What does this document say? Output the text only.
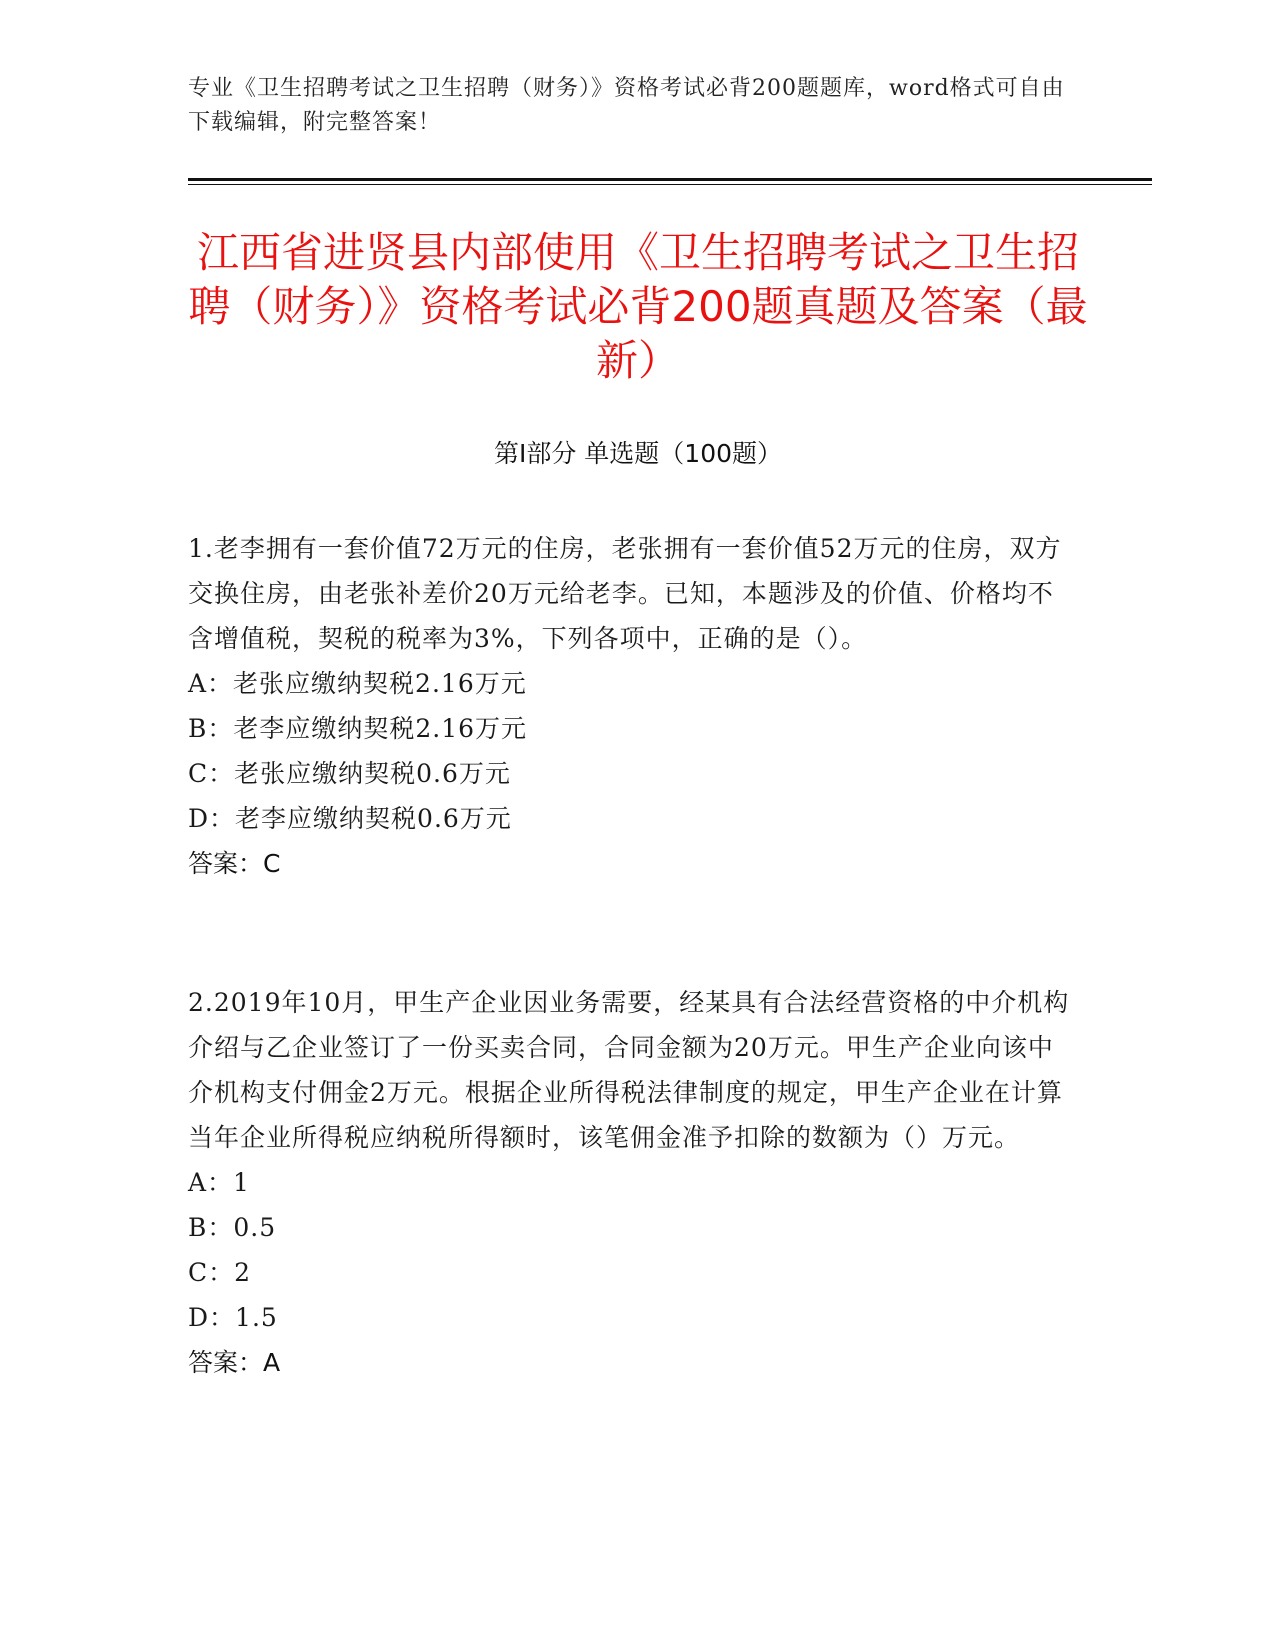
专业《卫生招聘考试之卫生招聘（财务）》资格考试必背200题题库，word格式可自由下载编辑，附完整答案！
江西省进贤县内部使用《卫生招聘考试之卫生招聘（财务）》资格考试必背200题真题及答案（最新）
第Ⅰ部分 单选题（100题）

1.老李拥有一套价值72万元的住房，老张拥有一套价值52万元的住房，双方交换住房，由老张补差价20万元给老李。已知，本题涉及的价值、价格均不含增值税，契税的税率为3%，下列各项中，正确的是（）。

A：老张应缴纳契税2.16万元

B：老李应缴纳契税2.16万元

C：老张应缴纳契税0.6万元

D：老李应缴纳契税0.6万元

答案：C

2.2019年10月，甲生产企业因业务需要，经某具有合法经营资格的中介机构介绍与乙企业签订了一份买卖合同，合同金额为20万元。甲生产企业向该中介机构支付佣金2万元。根据企业所得税法律制度的规定，甲生产企业在计算当年企业所得税应纳税所得额时，该笔佣金准予扣除的数额为（）万元。

A：1

B：0.5

C：2

D：1.5

答案：A
